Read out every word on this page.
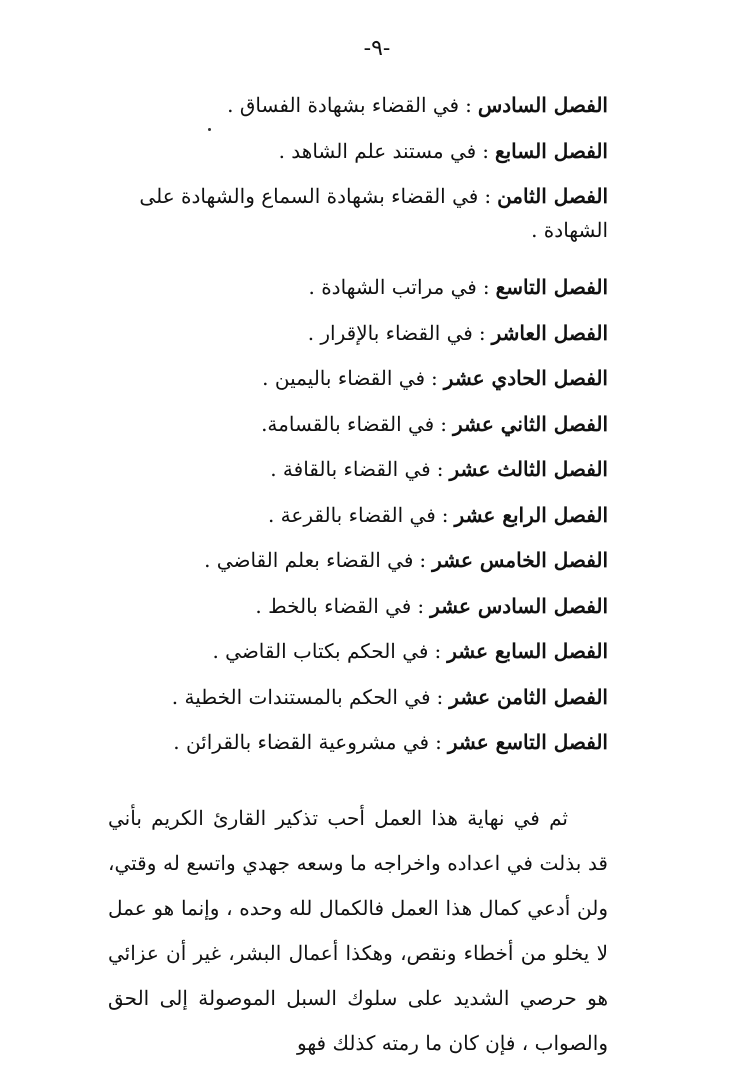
-٩-
الفصل السادس:في القضاء بشهادة الفساق .
الفصل السابع:في مستند علم الشاهد .
الفصل الثامن:في القضاء بشهادة السماع والشهادة على الشهادة .
الفصل التاسع:في مراتب الشهادة .
الفصل العاشر:في القضاء بالإقرار .
الفصل الحادي عشر:في القضاء باليمين .
الفصل الثاني عشر:في القضاء بالقسامة.
الفصل الثالث عشر:في القضاء بالقافة .
الفصل الرابع عشر:في القضاء بالقرعة .
الفصل الخامس عشر:في القضاء بعلم القاضي .
الفصل السادس عشر:في القضاء بالخط .
الفصل السابع عشر:في الحكم بكتاب القاضي .
الفصل الثامن عشر:في الحكم بالمستندات الخطية .
الفصل التاسع عشر:في مشروعية القضاء بالقرائن .

ثم في نهاية هذا العمل أحب تذكير القارئ الكريم بأني قد بذلت في اعداده واخراجه ما وسعه جهدي واتسع له وقتي، ولن أدعي كمال هذا العمل فالكمال لله وحده ، وإنما هو عمل لا يخلو من أخطاء ونقص، وهكذا أعمال البشر، غير أن عزائي هو حرصي الشديد على سلوك السبل الموصولة إلى الحق والصواب ، فإن كان ما رمته كذلك فهو
